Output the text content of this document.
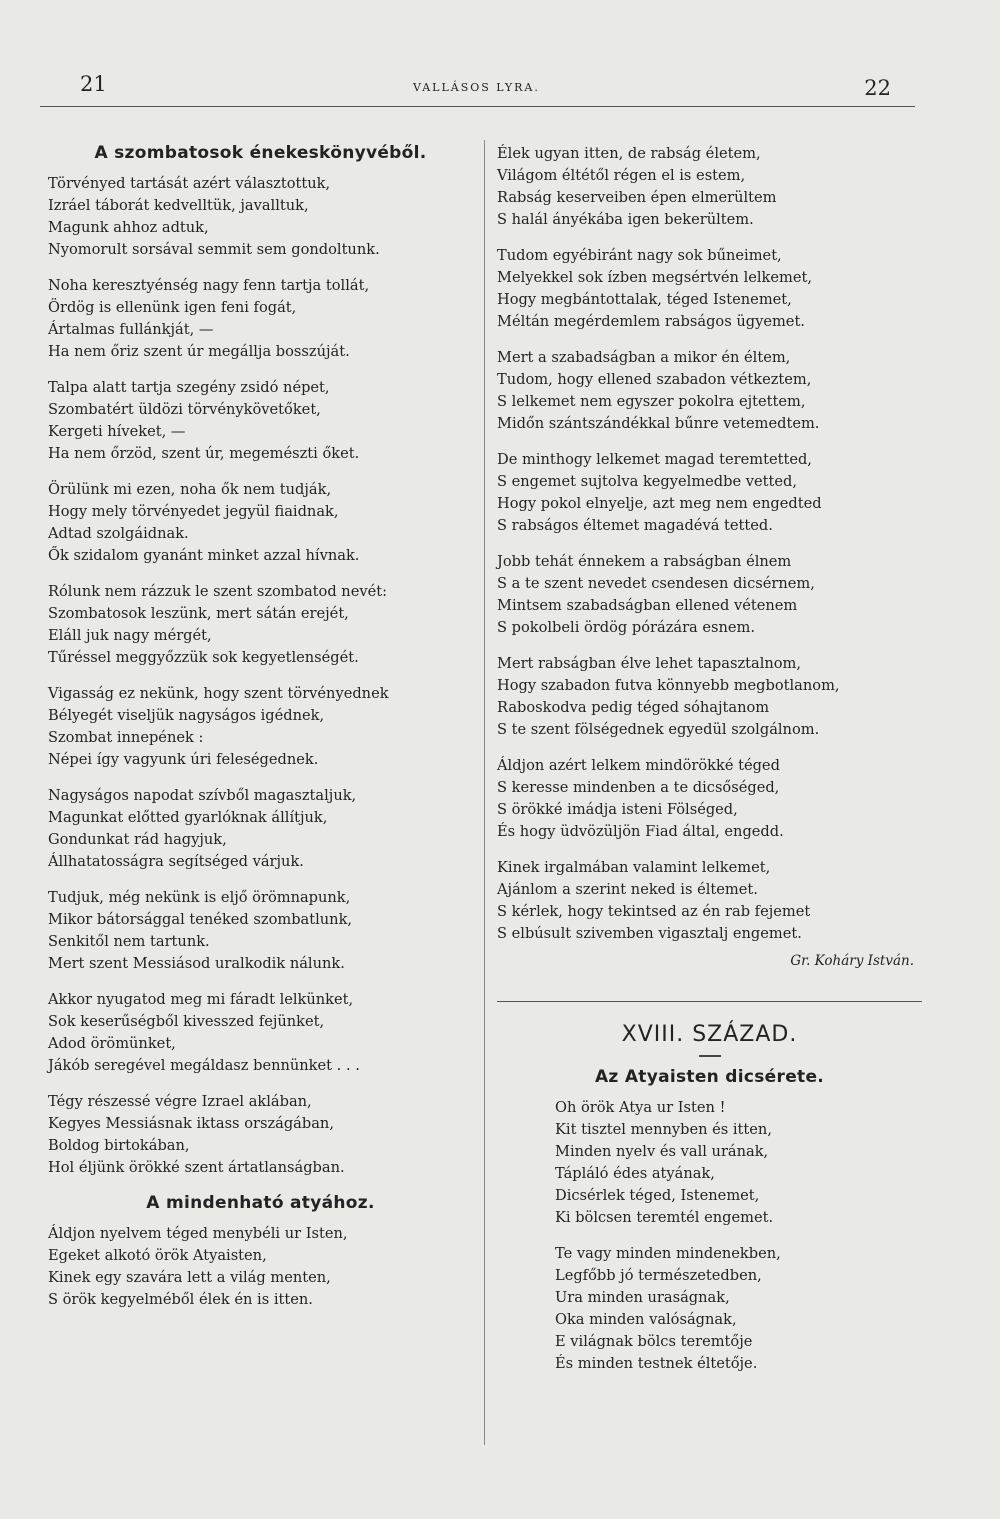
21	VALLÁSOS LYRA.	22
A szombatosok énekeskönyvéből.
Törvényed tartását azért választottuk,
Izráel táborát kedvelltük, javalltuk,
Magunk ahhoz adtuk,
Nyomorult sorsával semmit sem gondoltunk.
Noha keresztyénség nagy fenn tartja tollát,
Ördög is ellenünk igen feni fogát,
Ártalmas fullánkját, —
Ha nem őriz szent úr megállja bosszúját.
Talpa alatt tartja szegény zsidó népet,
Szombatért üldözi törvénykövetőket,
Kergeti híveket, —
Ha nem őrzöd, szent úr, megemészti őket.
Örülünk mi ezen, noha ők nem tudják,
Hogy mely törvényedet jegyül fiaidnak,
Adtad szolgáidnak.
Ők szidalom gyanánt minket azzal hívnak.
Rólunk nem rázzuk le szent szombatod nevét:
Szombatosok leszünk, mert sátán erejét,
Eláll juk nagy mérgét,
Tűréssel meggyőzzük sok kegyetlenségét.
Vigasság ez nekünk, hogy szent törvényednek
Bélyegét viseljük nagyságos igédnek,
Szombat innepének :
Népei így vagyunk úri feleségednek.
Nagyságos napodat szívből magasztaljuk,
Magunkat előtted gyarlóknak állítjuk,
Gondunkat rád hagyjuk,
Állhatatosságra segítséged várjuk.
Tudjuk, még nekünk is eljő örömnapunk,
Mikor bátorsággal tenéked szombatlunk,
Senkitől nem tartunk.
Mert szent Messiásod uralkodik nálunk.
Akkor nyugatod meg mi fáradt lelkünket,
Sok keserűségből kivesszed fejünket,
Adod örömünket,
Jákób seregével megáldasz bennünket . . .
Tégy részessé végre Izrael aklában,
Kegyes Messiásnak iktass országában,
Boldog birtokában,
Hol éljünk örökké szent ártatlanságban.
A mindenható atyához.
Áldjon nyelvem téged menybéli ur Isten,
Egeket alkotó örök Atyaisten,
Kinek egy szavára lett a világ menten,
S örök kegyelméből élek én is itten.
Élek ugyan itten, de rabság életem,
Világom éltétől régen el is estem,
Rabság keserveiben épen elmerültem
S halál ányékába igen bekerültem.
Tudom egyébiránt nagy sok bűneimet,
Melyekkel sok ízben megsértvén lelkemet,
Hogy megbántottalak, téged Istenemet,
Méltán megérdemlem rabságos ügyemet.
Mert a szabadságban a mikor én éltem,
Tudom, hogy ellened szabadon vétkeztem,
S lelkemet nem egyszer pokolra ejtettem,
Midőn szántszándékkal bűnre vetemedtem.
De minthogy lelkemet magad teremtetted,
S engemet sujtolva kegyelmedbe vetted,
Hogy pokol elnyelje, azt meg nem engedted
S rabságos éltemet magadévá tetted.
Jobb tehát énnekem a rabságban élnem
S a te szent nevedet csendesen dicsérnem,
Mintsem szabadságban ellened vétenem
S pokolbeli ördög pórázára esnem.
Mert rabságban élve lehet tapasztalnom,
Hogy szabadon futva könnyebb megbotlanom,
Raboskodva pedig téged sóhajtanom
S te szent fölségednek egyedül szolgálnom.
Áldjon azért lelkem mindörökké téged
S keresse mindenben a te dicsőséged,
S örökké imádja isteni Fölséged,
És hogy üdvözüljön Fiad által, engedd.
Kinek irgalmában valamint lelkemet,
Ajánlom a szerint neked is éltemet.
S kérlek, hogy tekintsed az én rab fejemet
S elbúsult szivemben vigasztalj engemet.
Gr. Koháry István.
XVIII. SZÁZAD.
Az Atyaisten dicsérete.
Oh örök Atya ur Isten !
Kit tisztel mennyben és itten,
Minden nyelv és vall urának,
Tápláló édes atyának,
Dicsérlek téged, Istenemet,
Ki bölcsen teremtél engemet.
Te vagy minden mindenekben,
Legfőbb jó természetedben,
Ura minden uraságnak,
Oka minden valóságnak,
E világnak bölcs teremtője
És minden testnek éltetője.
